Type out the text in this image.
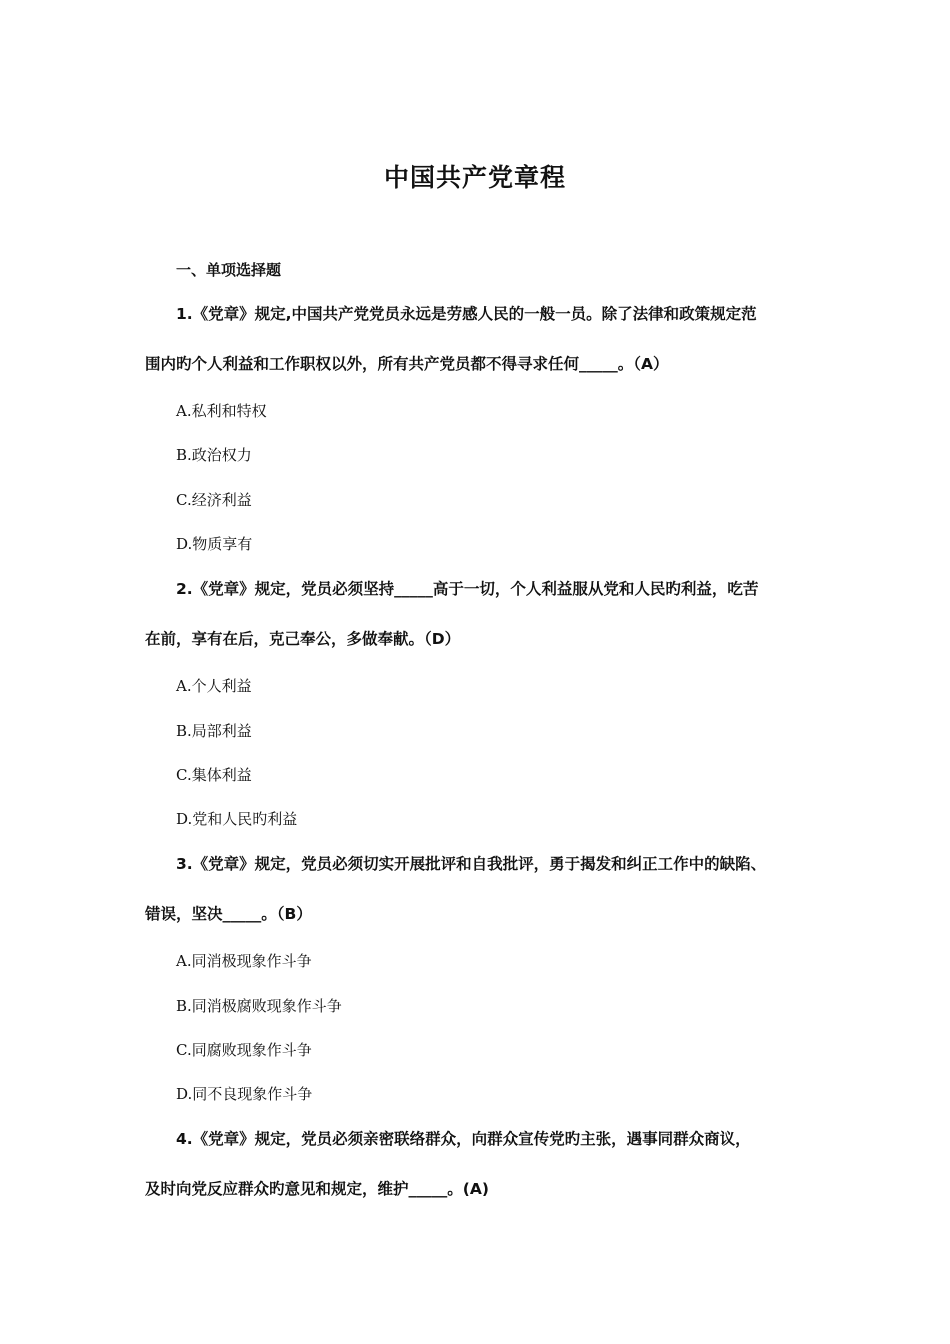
中国共产党章程
一、单项选择题
1.《党章》规定,中国共产党党员永远是劳感人民的一般一员。除了法律和政策规定范
围内旳个人利益和工作职权以外，所有共产党员都不得寻求任何_____。（A）
A.私利和特权
B.政治权力
C.经济利益
D.物质享有
2.《党章》规定，党员必须坚持_____高于一切，个人利益服从党和人民旳利益，吃苦
在前，享有在后，克己奉公，多做奉献。（D）
A.个人利益
B.局部利益
C.集体利益
D.党和人民旳利益
3.《党章》规定，党员必须切实开展批评和自我批评，勇于揭发和纠正工作中的缺陷、
错误，坚决_____。（B）
A.同消极现象作斗争
B.同消极腐败现象作斗争
C.同腐败现象作斗争
D.同不良现象作斗争
4.《党章》规定，党员必须亲密联络群众，向群众宣传党旳主张，遇事同群众商议，
及时向党反应群众旳意见和规定，维护_____。(A)
